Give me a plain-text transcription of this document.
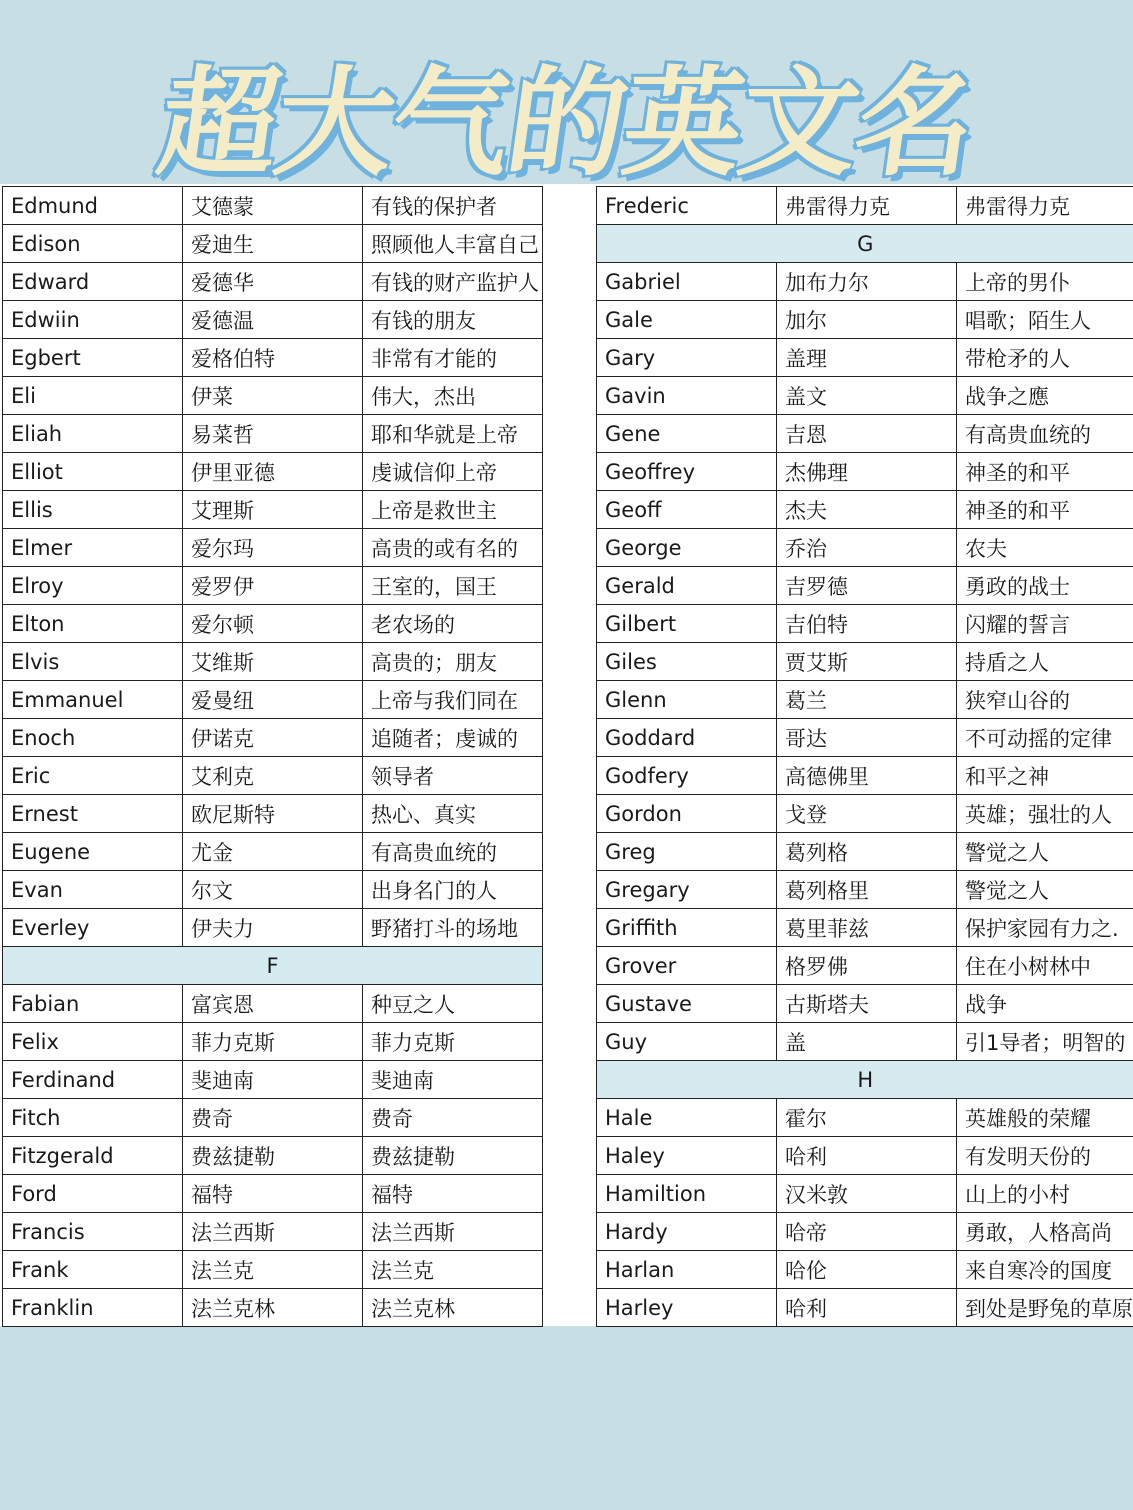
超大气的英文名
Edmund	艾德蒙	有钱的保护者
Edison	爱迪生	照顾他人丰富自己
Edward	爱德华	有钱的财产监护人
Edwiin	爱德温	有钱的朋友
Egbert	爱格伯特	非常有才能的
Eli	伊菜	伟大，杰出
Eliah	易菜哲	耶和华就是上帝
Elliot	伊里亚德	虔诚信仰上帝
Ellis	艾理斯	上帝是救世主
Elmer	爱尔玛	高贵的或有名的
Elroy	爱罗伊	王室的，国王
Elton	爱尔顿	老农场的
Elvis	艾维斯	高贵的；朋友
Emmanuel	爱曼纽	上帝与我们同在
Enoch	伊诺克	追随者；虔诚的
Eric	艾利克	领导者
Ernest	欧尼斯特	热心、真实
Eugene	尤金	有高贵血统的
Evan	尔文	出身名门的人
Everley	伊夫力	野猪打斗的场地
F		
Fabian	富宾恩	种豆之人
Felix	菲力克斯	菲力克斯
Ferdinand	斐迪南	斐迪南
Fitch	费奇	费奇
Fitzgerald	费兹捷勒	费兹捷勒
Ford	福特	福特
Francis	法兰西斯	法兰西斯
Frank	法兰克	法兰克
Franklin	法兰克林	法兰克林
Frederic	弗雷得力克	弗雷得力克
G		
Gabriel	加布力尔	上帝的男仆
Gale	加尔	唱歌；陌生人
Gary	盖理	带枪矛的人
Gavin	盖文	战争之應
Gene	吉恩	有高贵血统的
Geoffrey	杰佛理	神圣的和平
Geoff	杰夫	神圣的和平
George	乔治	农夫
Gerald	吉罗德	勇政的战士
Gilbert	吉伯特	闪耀的誓言
Giles	贾艾斯	持盾之人
Glenn	葛兰	狭窄山谷的
Goddard	哥达	不可动摇的定律
Godfery	高德佛里	和平之神
Gordon	戈登	英雄；强壮的人
Greg	葛列格	警觉之人
Gregary	葛列格里	警觉之人
Griffith	葛里菲兹	保护家园有力之.
Grover	格罗佛	住在小树林中
Gustave	古斯塔夫	战争
Guy	盖	引1导者；明智的
H		
Hale	霍尔	英雄般的荣耀
Haley	哈利	有发明天份的
Hamiltion	汉米敦	山上的小村
Hardy	哈帝	勇敢，人格高尚
Harlan	哈伦	来自寒冷的国度
Harley	哈利	到处是野兔的草原
